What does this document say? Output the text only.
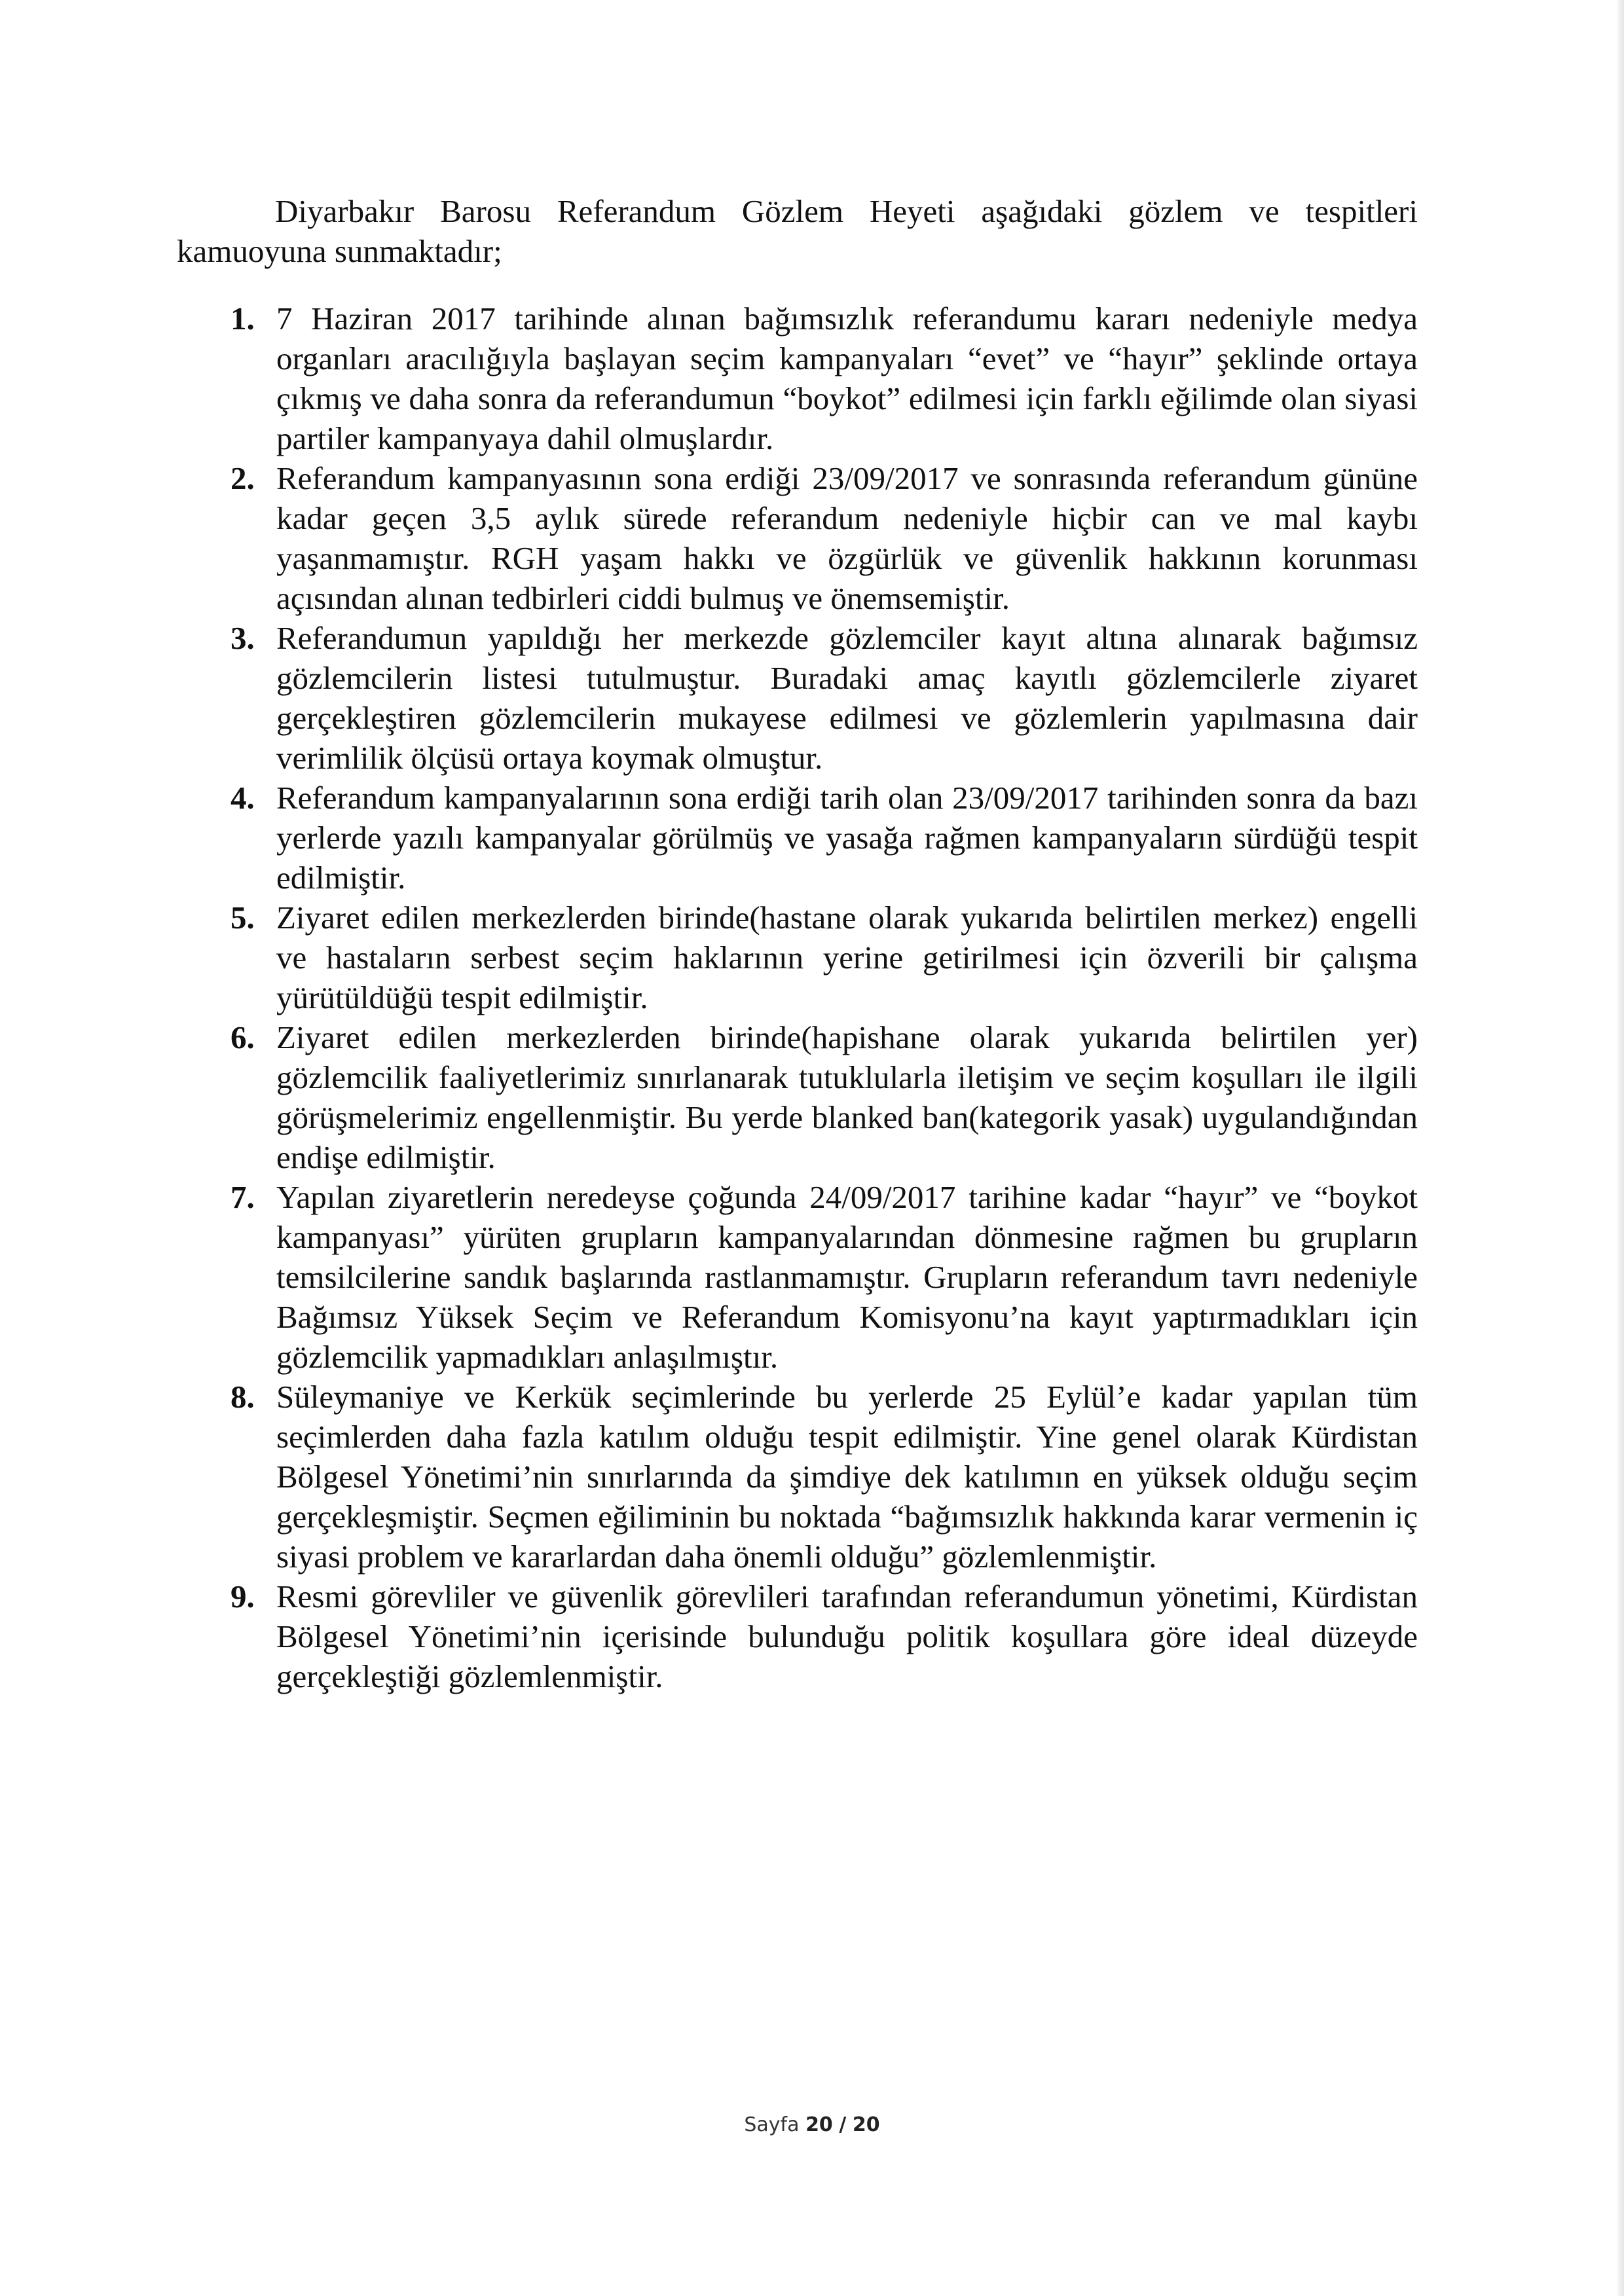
Diyarbakır Barosu Referandum Gözlem Heyeti aşağıdaki gözlem ve tespitleri kamuoyuna sunmaktadır;

1. 7 Haziran 2017 tarihinde alınan bağımsızlık referandumu kararı nedeniyle medya organları aracılığıyla başlayan seçim kampanyaları “evet” ve “hayır” şeklinde ortaya çıkmış ve daha sonra da referandumun “boykot” edilmesi için farklı eğilimde olan siyasi partiler kampanyaya dahil olmuşlardır.
2. Referandum kampanyasının sona erdiği 23/09/2017 ve sonrasında referandum gününe kadar geçen 3,5 aylık sürede referandum nedeniyle hiçbir can ve mal kaybı yaşanmamıştır. RGH yaşam hakkı ve özgürlük ve güvenlik hakkının korunması açısından alınan tedbirleri ciddi bulmuş ve önemsemiştir.
3. Referandumun yapıldığı her merkezde gözlemciler kayıt altına alınarak bağımsız gözlemcilerin listesi tutulmuştur. Buradaki amaç kayıtlı gözlemcilerle ziyaret gerçekleştiren gözlemcilerin mukayese edilmesi ve gözlemlerin yapılmasına dair verimlilik ölçüsü ortaya koymak olmuştur.
4. Referandum kampanyalarının sona erdiği tarih olan 23/09/2017 tarihinden sonra da bazı yerlerde yazılı kampanyalar görülmüş ve yasağa rağmen kampanyaların sürdüğü tespit edilmiştir.
5. Ziyaret edilen merkezlerden birinde(hastane olarak yukarıda belirtilen merkez) engelli ve hastaların serbest seçim haklarının yerine getirilmesi için özverili bir çalışma yürütüldüğü tespit edilmiştir.
6. Ziyaret edilen merkezlerden birinde(hapishane olarak yukarıda belirtilen yer) gözlemcilik faaliyetlerimiz sınırlanarak tutuklularla iletişim ve seçim koşulları ile ilgili görüşmelerimiz engellenmiştir. Bu yerde blanked ban(kategorik yasak) uygulandığından endişe edilmiştir.
7. Yapılan ziyaretlerin neredeyse çoğunda 24/09/2017 tarihine kadar “hayır” ve “boykot kampanyası” yürüten grupların kampanyalarından dönmesine rağmen bu grupların temsilcilerine sandık başlarında rastlanmamıştır. Grupların referandum tavrı nedeniyle Bağımsız Yüksek Seçim ve Referandum Komisyonu’na kayıt yaptırmadıkları için gözlemcilik yapmadıkları anlaşılmıştır.
8. Süleymaniye ve Kerkük seçimlerinde bu yerlerde 25 Eylül’e kadar yapılan tüm seçimlerden daha fazla katılım olduğu tespit edilmiştir. Yine genel olarak Kürdistan Bölgesel Yönetimi’nin sınırlarında da şimdiye dek katılımın en yüksek olduğu seçim gerçekleşmiştir. Seçmen eğiliminin bu noktada “bağımsızlık hakkında karar vermenin iç siyasi problem ve kararlardan daha önemli olduğu” gözlemlenmiştir.
9. Resmi görevliler ve güvenlik görevlileri tarafından referandumun yönetimi, Kürdistan Bölgesel Yönetimi’nin içerisinde bulunduğu politik koşullara göre ideal düzeyde gerçekleştiği gözlemlenmiştir.
Sayfa 20 / 20
